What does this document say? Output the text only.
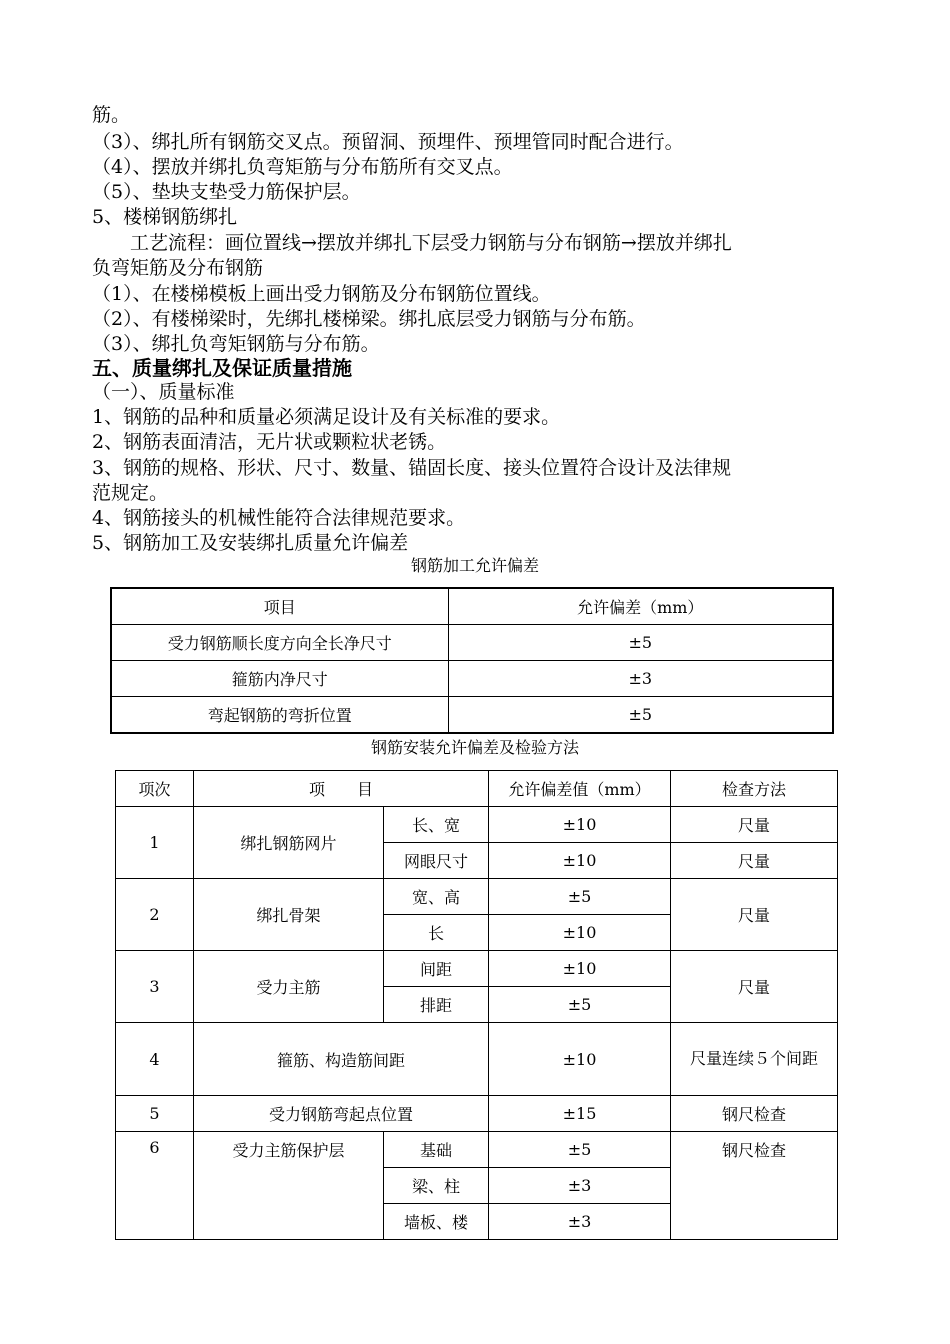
筋。
（3）、绑扎所有钢筋交叉点。预留洞、预埋件、预埋管同时配合进行。
（4）、摆放并绑扎负弯矩筋与分布筋所有交叉点。
（5）、垫块支垫受力筋保护层。
5、楼梯钢筋绑扎
　　工艺流程：画位置线→摆放并绑扎下层受力钢筋与分布钢筋→摆放并绑扎
负弯矩筋及分布钢筋
（1）、在楼梯模板上画出受力钢筋及分布钢筋位置线。
（2）、有楼梯梁时，先绑扎楼梯梁。绑扎底层受力钢筋与分布筋。
（3）、绑扎负弯矩钢筋与分布筋。
五、质量绑扎及保证质量措施
（一）、质量标准
1、钢筋的品种和质量必须满足设计及有关标准的要求。
2、钢筋表面清洁，无片状或颗粒状老锈。
3、钢筋的规格、形状、尺寸、数量、锚固长度、接头位置符合设计及法律规
范规定。
4、钢筋接头的机械性能符合法律规范要求。
5、钢筋加工及安装绑扎质量允许偏差
钢筋加工允许偏差
项目	允许偏差（mm）
受力钢筋顺长度方向全长净尺寸	±5
箍筋内净尺寸	±3
弯起钢筋的弯折位置	±5
钢筋安装允许偏差及检验方法
项次	项　　目		允许偏差值（mm）	检查方法
1	绑扎钢筋网片	长、宽	±10	尺量
		网眼尺寸	±10	尺量
2	绑扎骨架	宽、高	±5	尺量
		长	±10	
3	受力主筋	间距	±10	尺量
		排距	±5	
4	箍筋、构造筋间距		±10	尺量连续５个间距
5	受力钢筋弯起点位置		±15	钢尺检查
6	受力主筋保护层	基础	±5	钢尺检查
		梁、柱	±3	
		墙板、楼	±3	
